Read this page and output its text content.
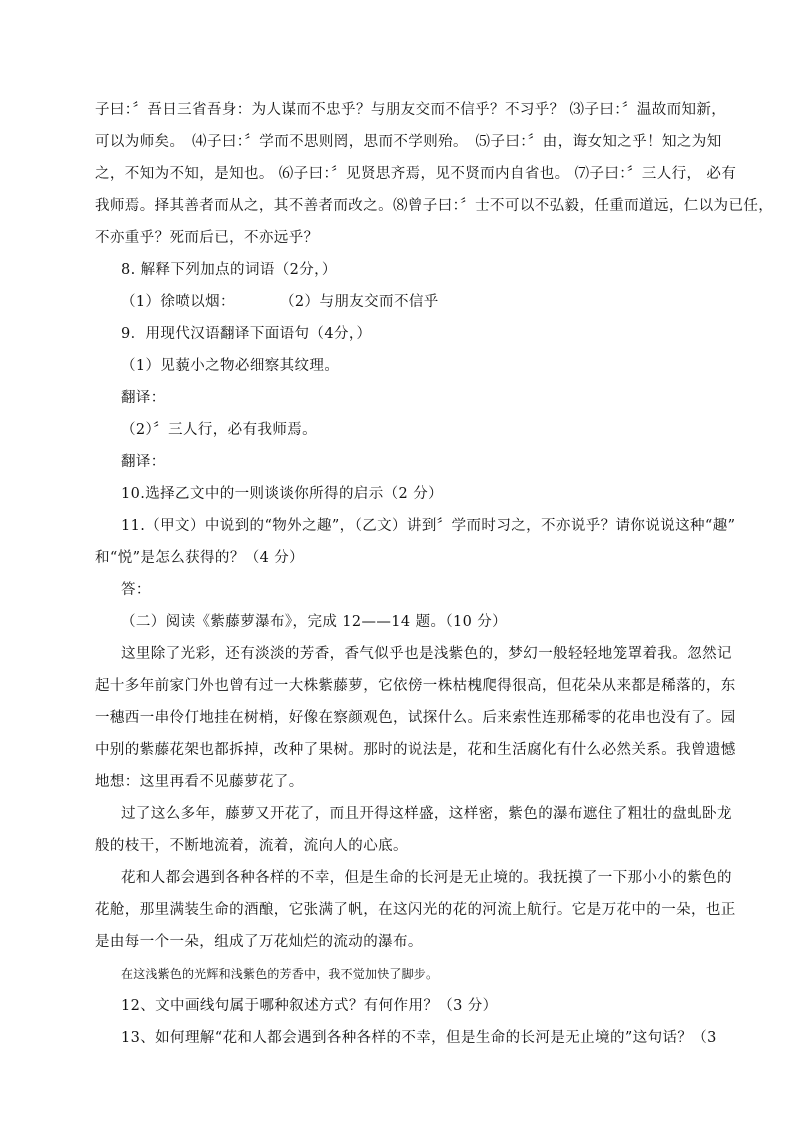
子曰：〞吾日三省吾身：为人谋而不忠乎？与朋友交而不信乎？不习乎？ ⑶子曰：〞温故而知新，
可以为师矣。　⑷子曰：〞学而不思则罔，思而不学则殆。　⑸子曰：〞由，诲女知之乎！知之为知
之，不知为不知，是知也。 ⑹子曰：〞见贤思齐焉，见不贤而内自省也。 ⑺子曰：〞三人行， 必有
我师焉。择其善者而从之，其不善者而改之。⑻曾子曰：〞士不可以不弘毅，任重而道远，仁以为已任，
不亦重乎？死而后已，不亦远乎？
8. 解释下列加点的词语（2分，）
（1）徐喷以烟：　　　　（2）与朋友交而不信乎
9．用现代汉语翻译下面语句（4分，）
（1）见藐小之物必细察其纹理。
翻译：
（2）〞三人行，必有我师焉。
翻译：
10.选择乙文中的一则谈谈你所得的启示（2 分）
11.（甲文）中说到的“物外之趣”，（乙文）讲到〞学而时习之，不亦说乎？请你说说这种“趣”
和“悦”是怎么获得的？（4 分）
答：
（二）阅读《紫藤萝瀑布》，完成 12——14 题。（10 分）
这里除了光彩，还有淡淡的芳香，香气似乎也是浅紫色的，梦幻一般轻轻地笼罩着我。忽然记
起十多年前家门外也曾有过一大株紫藤萝，它依傍一株枯槐爬得很高，但花朵从来都是稀落的，东
一穗西一串伶仃地挂在树梢，好像在察颜观色，试探什么。后来索性连那稀零的花串也没有了。园
中别的紫藤花架也都拆掉，改种了果树。那时的说法是，花和生活腐化有什么必然关系。我曾遗憾
地想：这里再看不见藤萝花了。
过了这么多年，藤萝又开花了，而且开得这样盛，这样密，紫色的瀑布遮住了粗壮的盘虬卧龙
般的枝干，不断地流着，流着，流向人的心底。
花和人都会遇到各种各样的不幸，但是生命的长河是无止境的。我抚摸了一下那小小的紫色的
花舱，那里满装生命的酒酿，它张满了帆，在这闪光的花的河流上航行。它是万花中的一朵，也正
是由每一个一朵，组成了万花灿烂的流动的瀑布。
在这浅紫色的光辉和浅紫色的芳香中，我不觉加快了脚步。
12、文中画线句属于哪种叙述方式？有何作用？（3 分）
13、如何理解“花和人都会遇到各种各样的不幸，但是生命的长河是无止境的”这句话？（3
